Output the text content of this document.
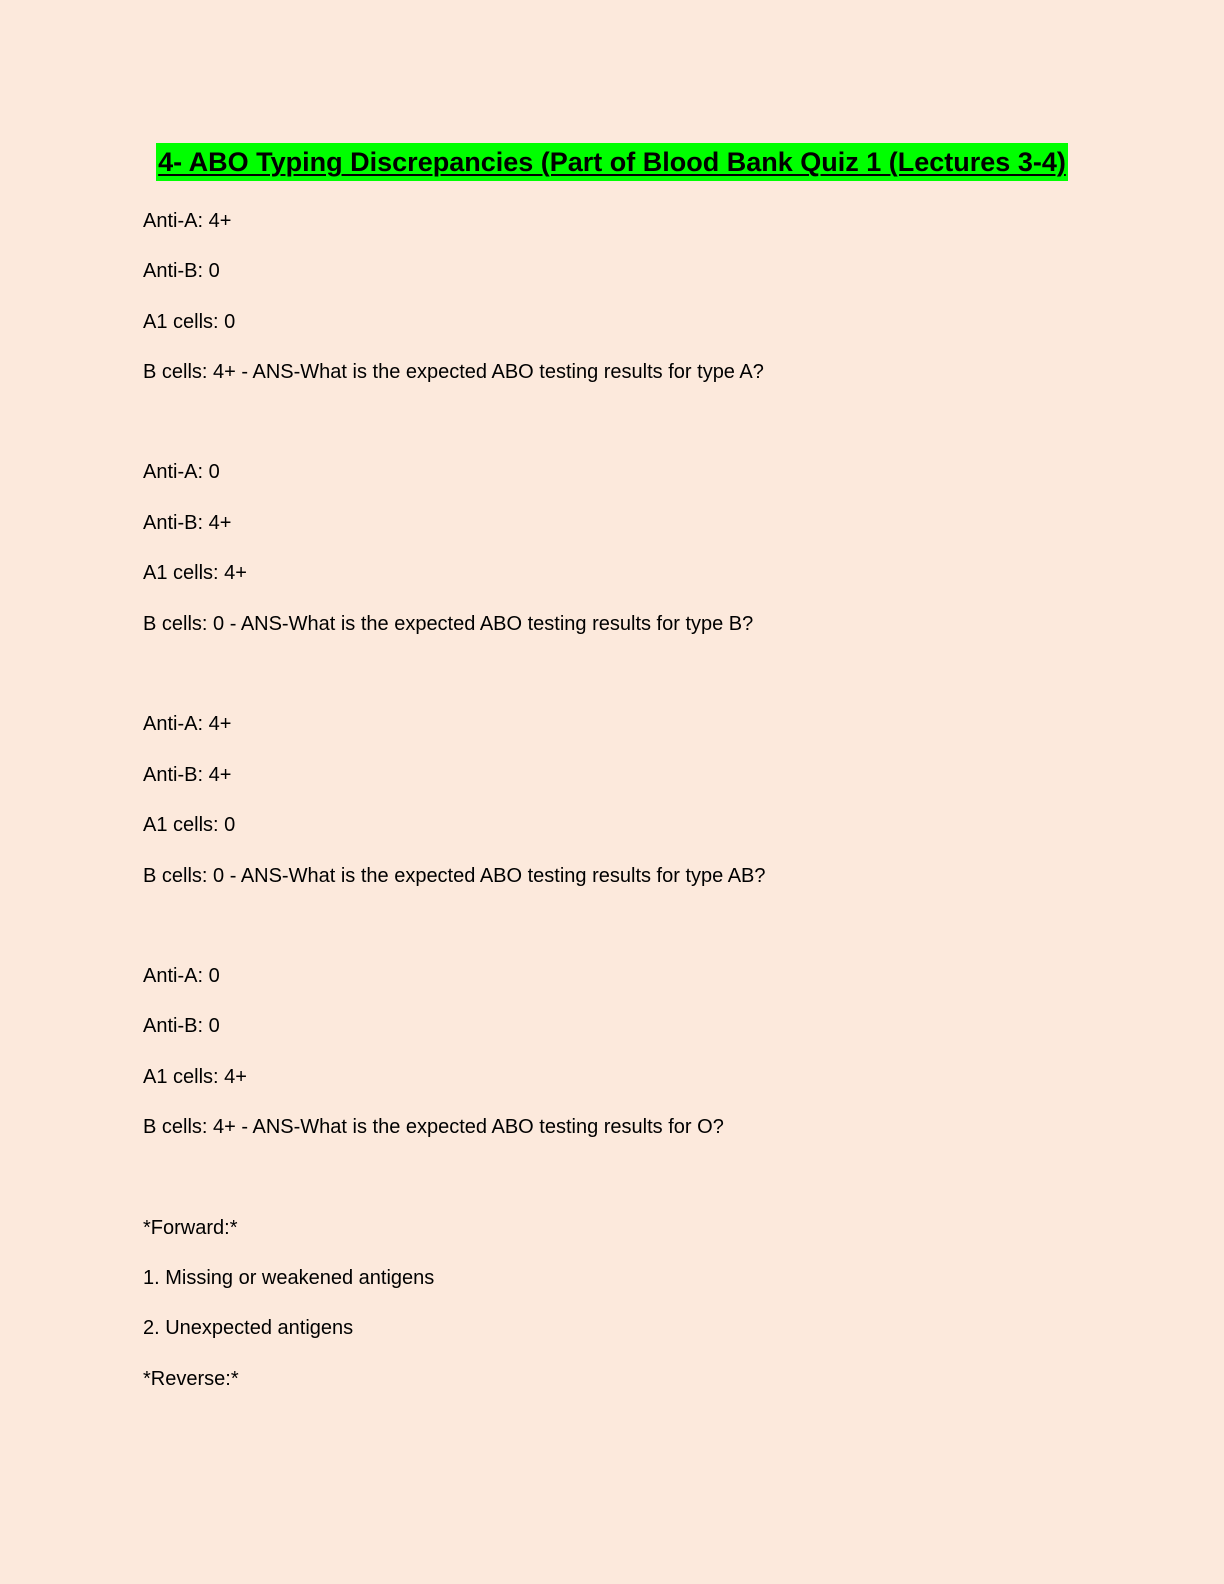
4- ABO Typing Discrepancies (Part of Blood Bank Quiz 1 (Lectures 3-4)
Anti-A: 4+
Anti-B: 0
A1 cells: 0
B cells: 4+ - ANS-What is the expected ABO testing results for type A?
Anti-A: 0
Anti-B: 4+
A1 cells: 4+
B cells: 0 - ANS-What is the expected ABO testing results for type B?
Anti-A: 4+
Anti-B: 4+
A1 cells: 0
B cells: 0 - ANS-What is the expected ABO testing results for type AB?
Anti-A: 0
Anti-B: 0
A1 cells: 4+
B cells: 4+ - ANS-What is the expected ABO testing results for O?
*Forward:*
1. Missing or weakened antigens
2. Unexpected antigens
*Reverse:*
